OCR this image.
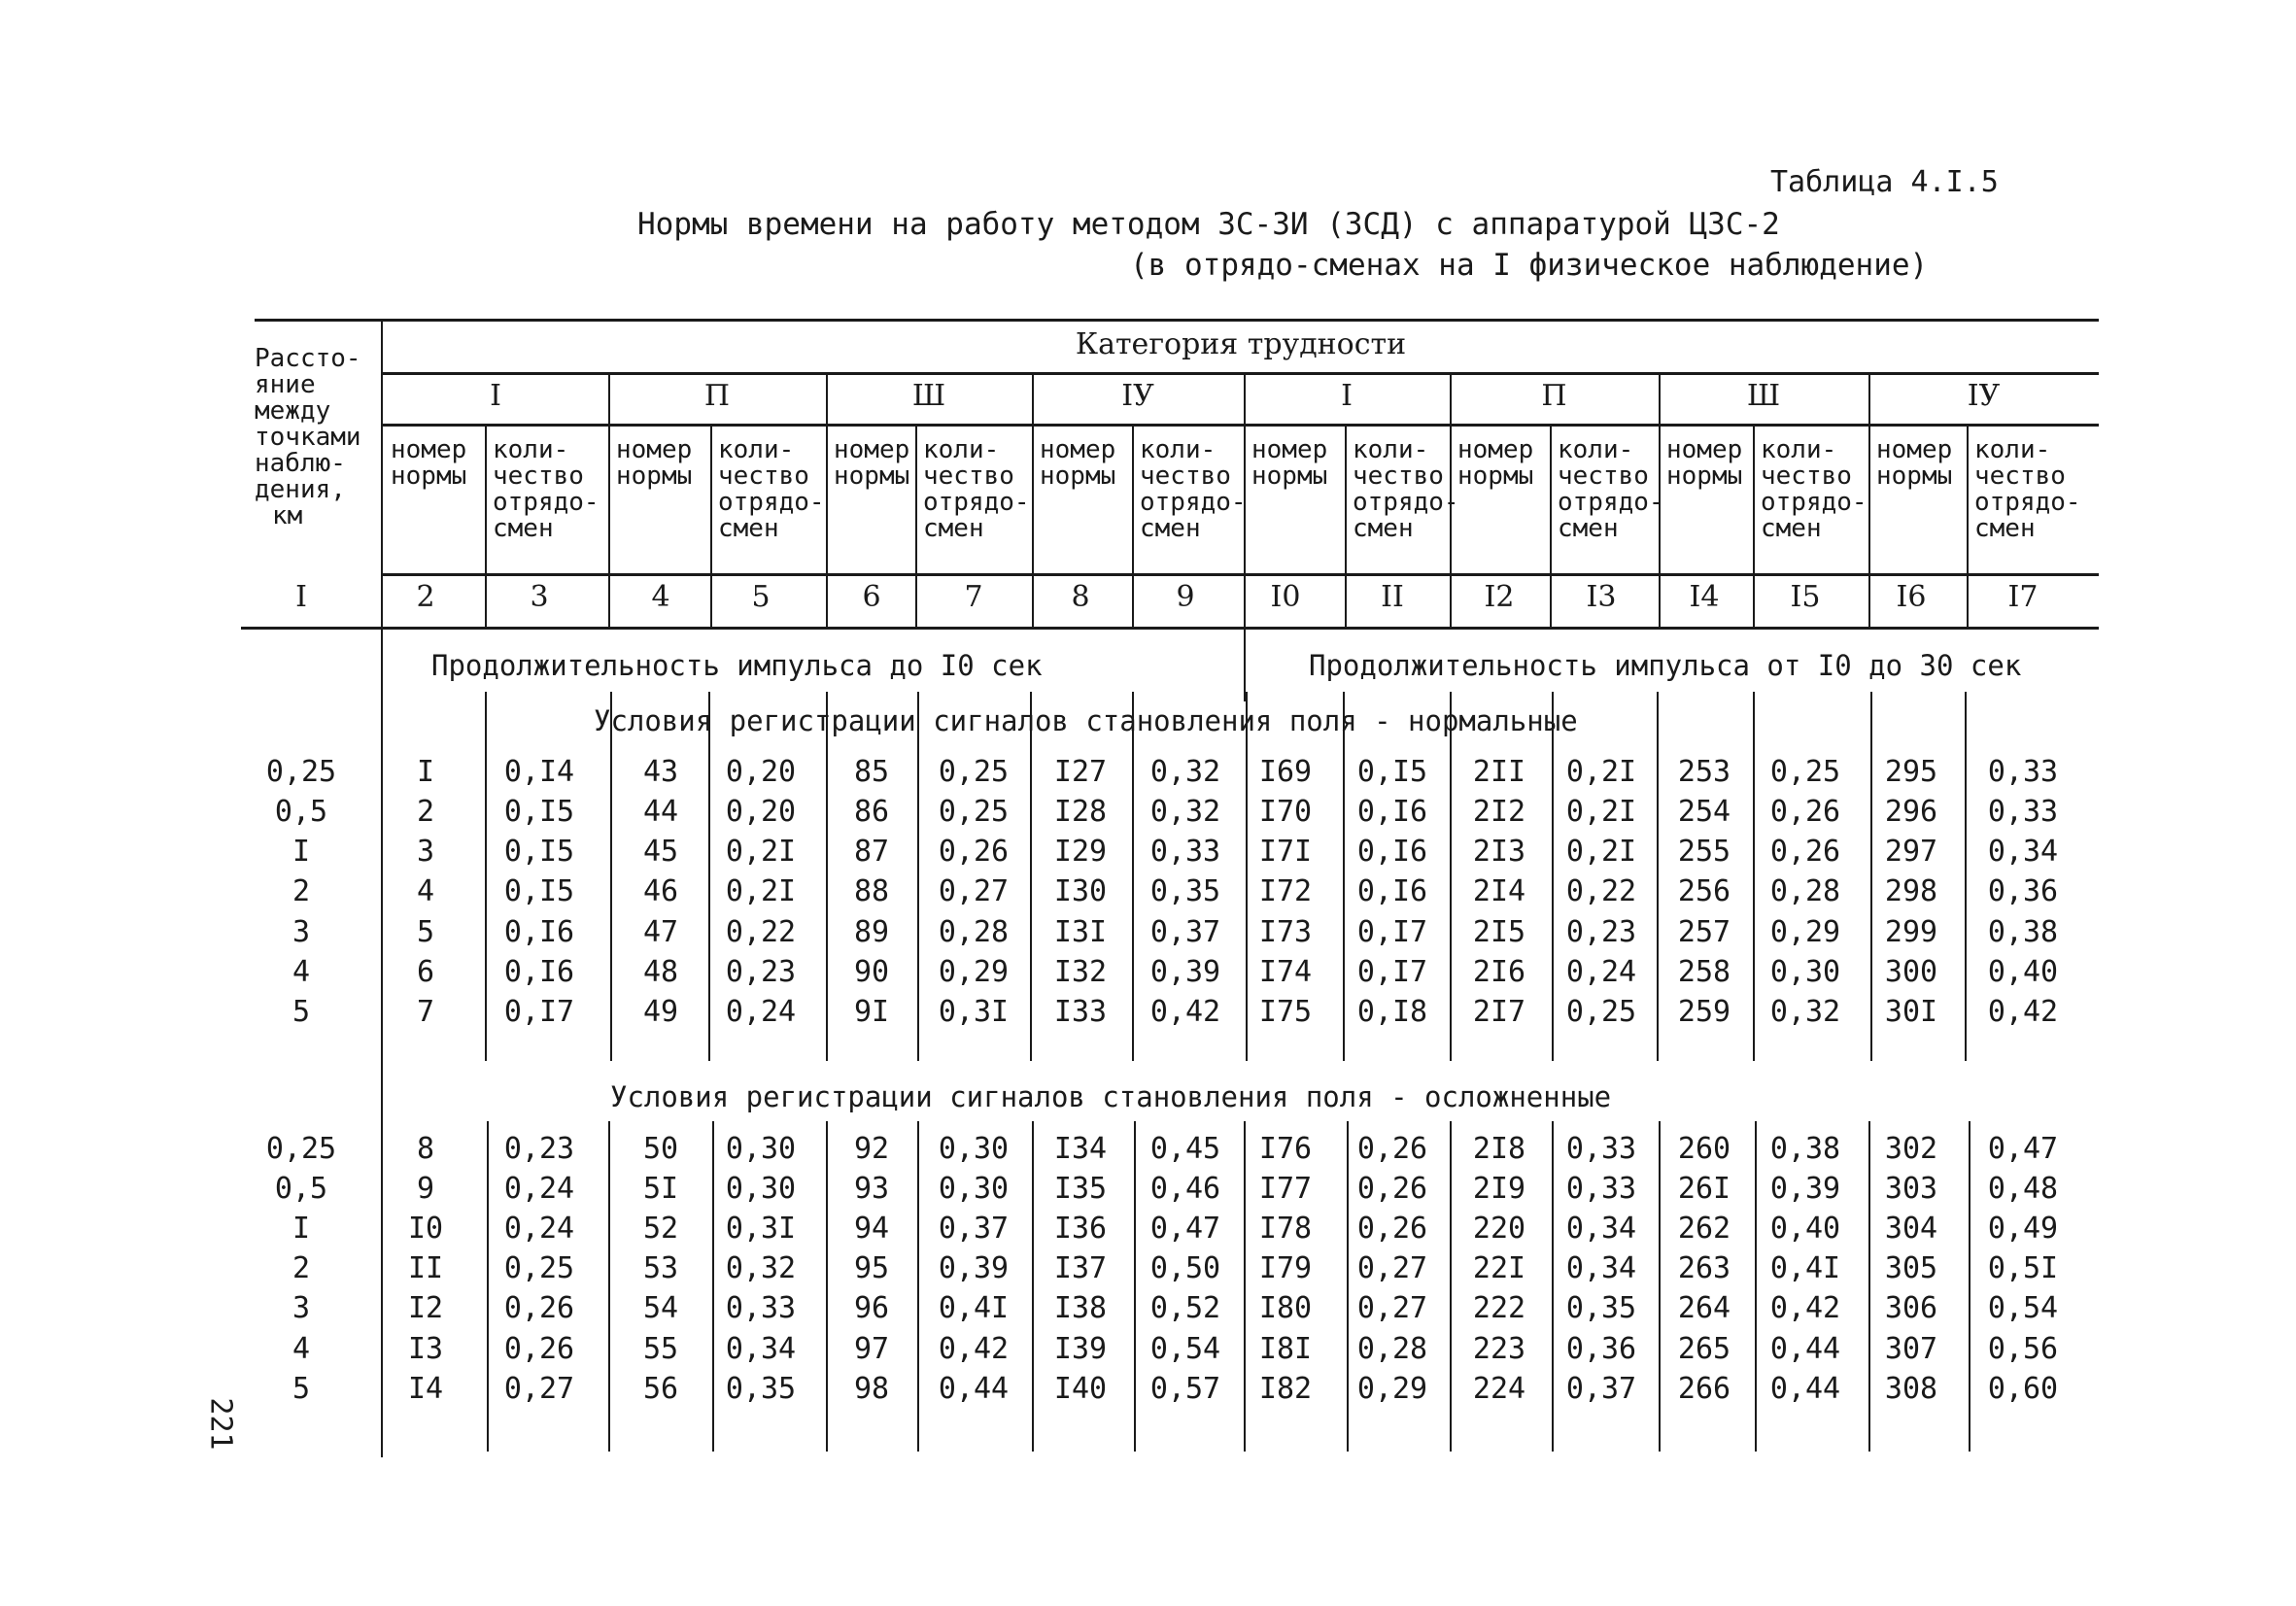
Таблица 4.I.5
Нормы времени на работу методом ЗС-ЗИ (ЗСД) с аппаратурой ЦЗС-2
(в отрядо-сменах на I физическое наблюдение)
Рассто-
яние
между
точками
наблю-
дения,
км
Категория трудности
I	П	Ш	IУ	I	П	Ш	IУ
номер
нормы
коли-
чество
отрядо-
смен
номер
нормы
коли-
чество
отрядо-
смен
номер
нормы
коли-
чество
отрядо-
смен
номер
нормы
коли-
чество
отрядо-
смен
номер
нормы
коли-
чество
отрядо-
смен
номер
нормы
коли-
чество
отрядо-
смен
номер
нормы
коли-
чество
отрядо-
смен
номер
нормы
коли-
чество
отрядо-
смен
I	2	3	4	5	6	7	8	9	I0	II	I2	I3	I4	I5	I6	I7
Продолжительность импульса до I0 сек	Продолжительность импульса от I0 до 30 сек
Условия регистрации сигналов становления поля - нормальные
Условия регистрации сигналов становления поля - осложненные
0,25	I	0,I4	43	0,20	85	0,25	I27	0,32	I69	0,I5	2II	0,2I	253	0,25	295	0,33
0,5	2	0,I5	44	0,20	86	0,25	I28	0,32	I70	0,I6	2I2	0,2I	254	0,26	296	0,33
I	3	0,I5	45	0,2I	87	0,26	I29	0,33	I7I	0,I6	2I3	0,2I	255	0,26	297	0,34
2	4	0,I5	46	0,2I	88	0,27	I30	0,35	I72	0,I6	2I4	0,22	256	0,28	298	0,36
3	5	0,I6	47	0,22	89	0,28	I3I	0,37	I73	0,I7	2I5	0,23	257	0,29	299	0,38
4	6	0,I6	48	0,23	90	0,29	I32	0,39	I74	0,I7	2I6	0,24	258	0,30	300	0,40
5	7	0,I7	49	0,24	9I	0,3I	I33	0,42	I75	0,I8	2I7	0,25	259	0,32	30I	0,42
0,25	8	0,23	50	0,30	92	0,30	I34	0,45	I76	0,26	2I8	0,33	260	0,38	302	0,47
0,5	9	0,24	5I	0,30	93	0,30	I35	0,46	I77	0,26	2I9	0,33	26I	0,39	303	0,48
I	I0	0,24	52	0,3I	94	0,37	I36	0,47	I78	0,26	220	0,34	262	0,40	304	0,49
2	II	0,25	53	0,32	95	0,39	I37	0,50	I79	0,27	22I	0,34	263	0,4I	305	0,5I
3	I2	0,26	54	0,33	96	0,4I	I38	0,52	I80	0,27	222	0,35	264	0,42	306	0,54
4	I3	0,26	55	0,34	97	0,42	I39	0,54	I8I	0,28	223	0,36	265	0,44	307	0,56
5	I4	0,27	56	0,35	98	0,44	I40	0,57	I82	0,29	224	0,37	266	0,44	308	0,60
221
